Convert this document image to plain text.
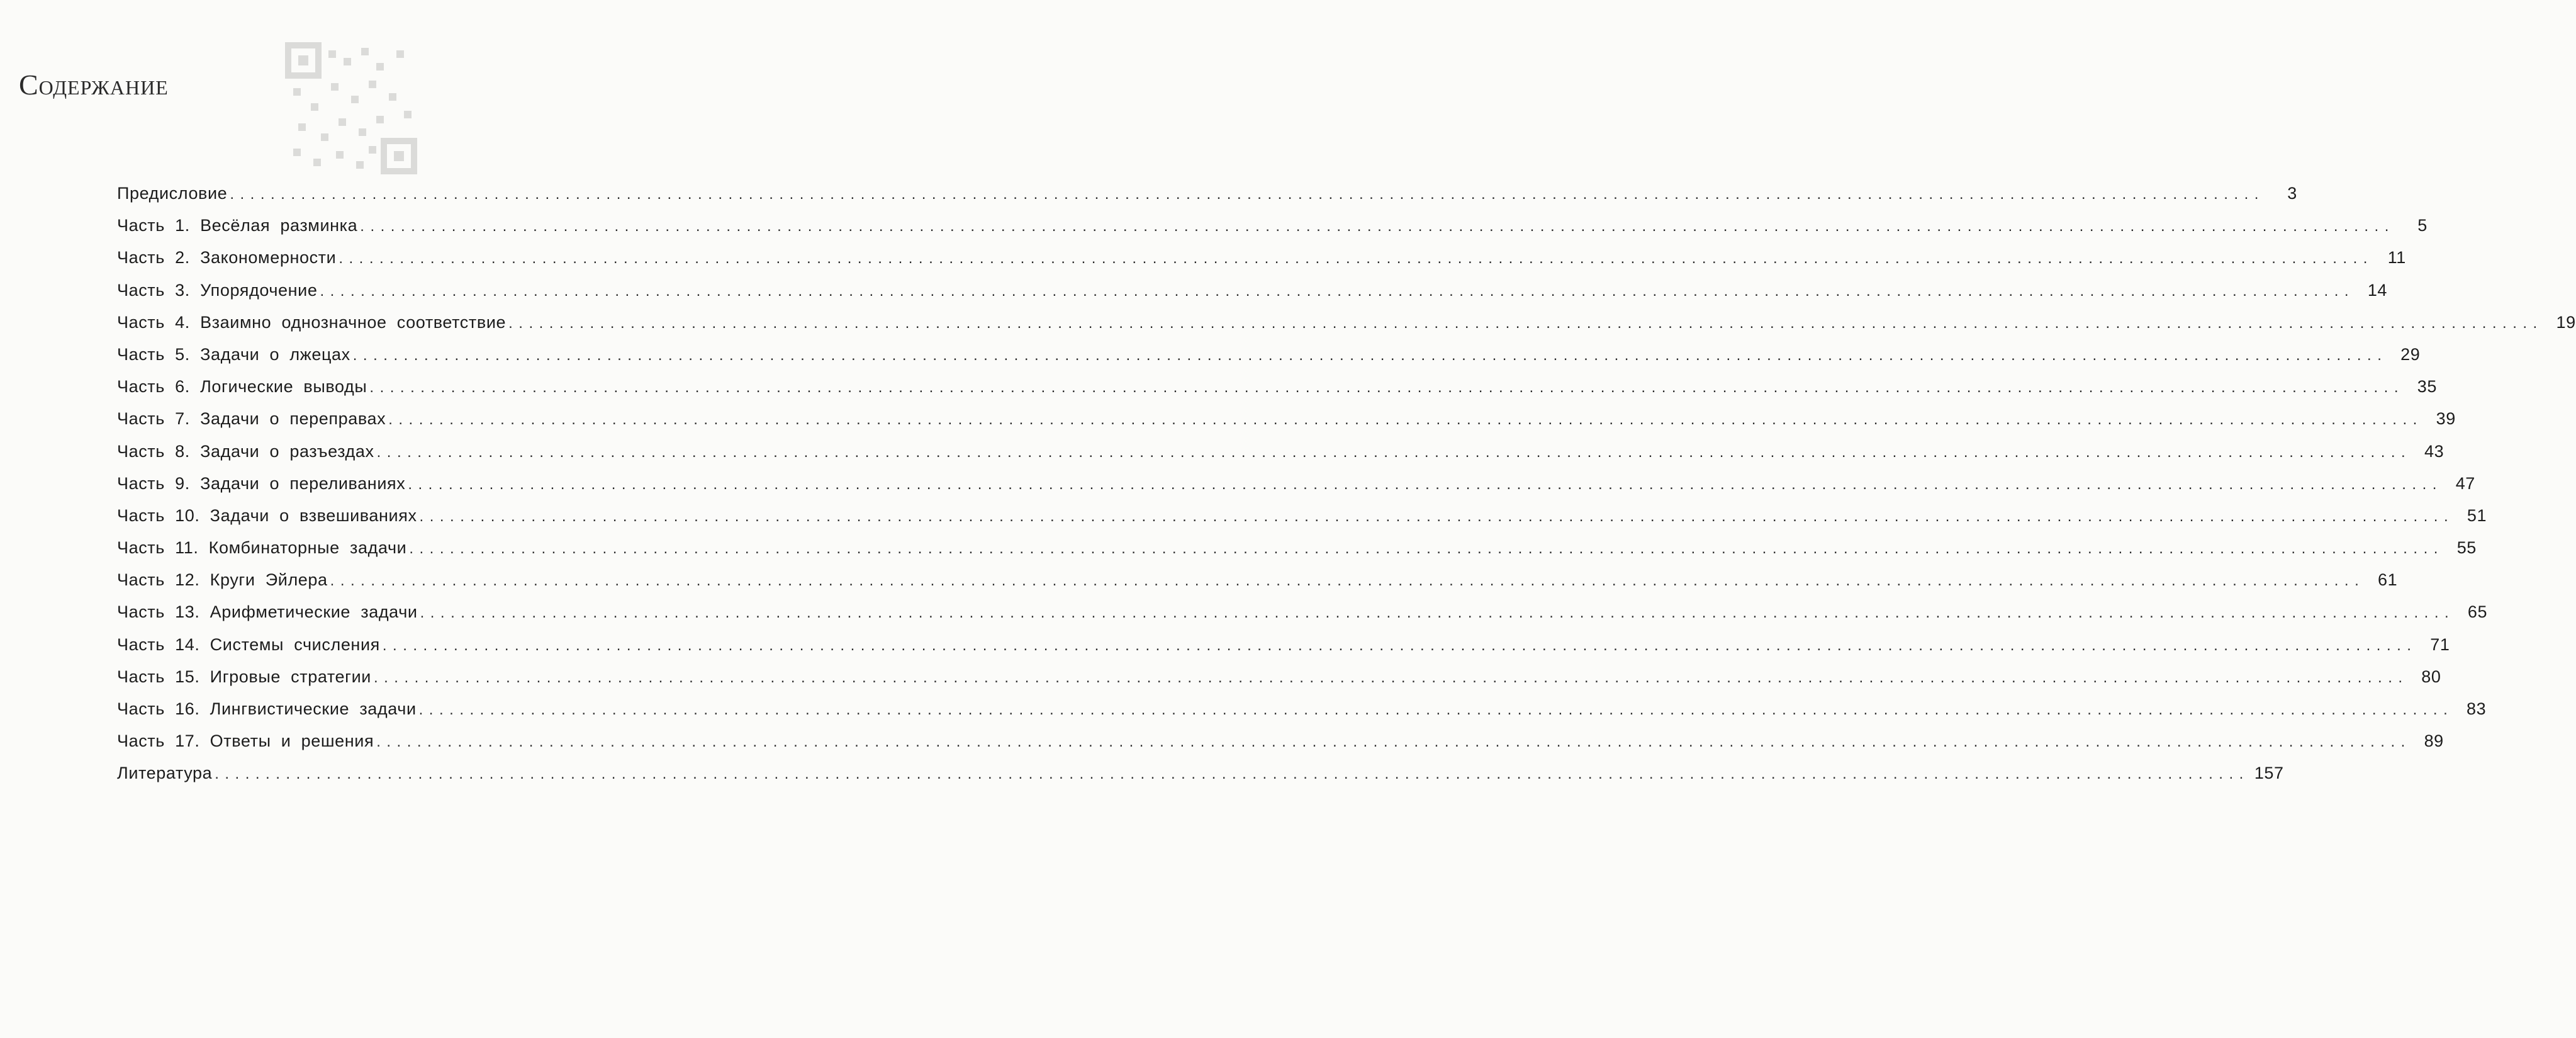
Содержание
Предисловие ........................................................................................................................................................................................................	3
Часть  1.  Весёлая  разминка ........................................................................................................................................................................................................	5
Часть  2.  Закономерности ........................................................................................................................................................................................................ 11
Часть  3.  Упорядочение ........................................................................................................................................................................................................ 14
Часть  4.  Взаимно  однозначное  соответствие ........................................................................................................................................................................................................ 19
Часть  5.  Задачи  о  лжецах ........................................................................................................................................................................................................ 29
Часть  6.  Логические  выводы ........................................................................................................................................................................................................ 35
Часть  7.  Задачи  о  переправах ........................................................................................................................................................................................................ 39
Часть  8.  Задачи  о  разъездах ........................................................................................................................................................................................................ 43
Часть  9.  Задачи  о  переливаниях ........................................................................................................................................................................................................ 47
Часть  10.  Задачи  о  взвешиваниях ........................................................................................................................................................................................................ 51
Часть  11.  Комбинаторные  задачи ........................................................................................................................................................................................................ 55
Часть  12.  Круги  Эйлера ........................................................................................................................................................................................................ 61
Часть  13.  Арифметические  задачи ........................................................................................................................................................................................................ 65
Часть  14.  Системы  счисления ........................................................................................................................................................................................................ 71
Часть  15.  Игровые  стратегии ........................................................................................................................................................................................................ 80
Часть  16.  Лингвистические  задачи ........................................................................................................................................................................................................ 83
Часть  17.  Ответы  и  решения ........................................................................................................................................................................................................ 89
Литература ........................................................................................................................................................................................................ 157
